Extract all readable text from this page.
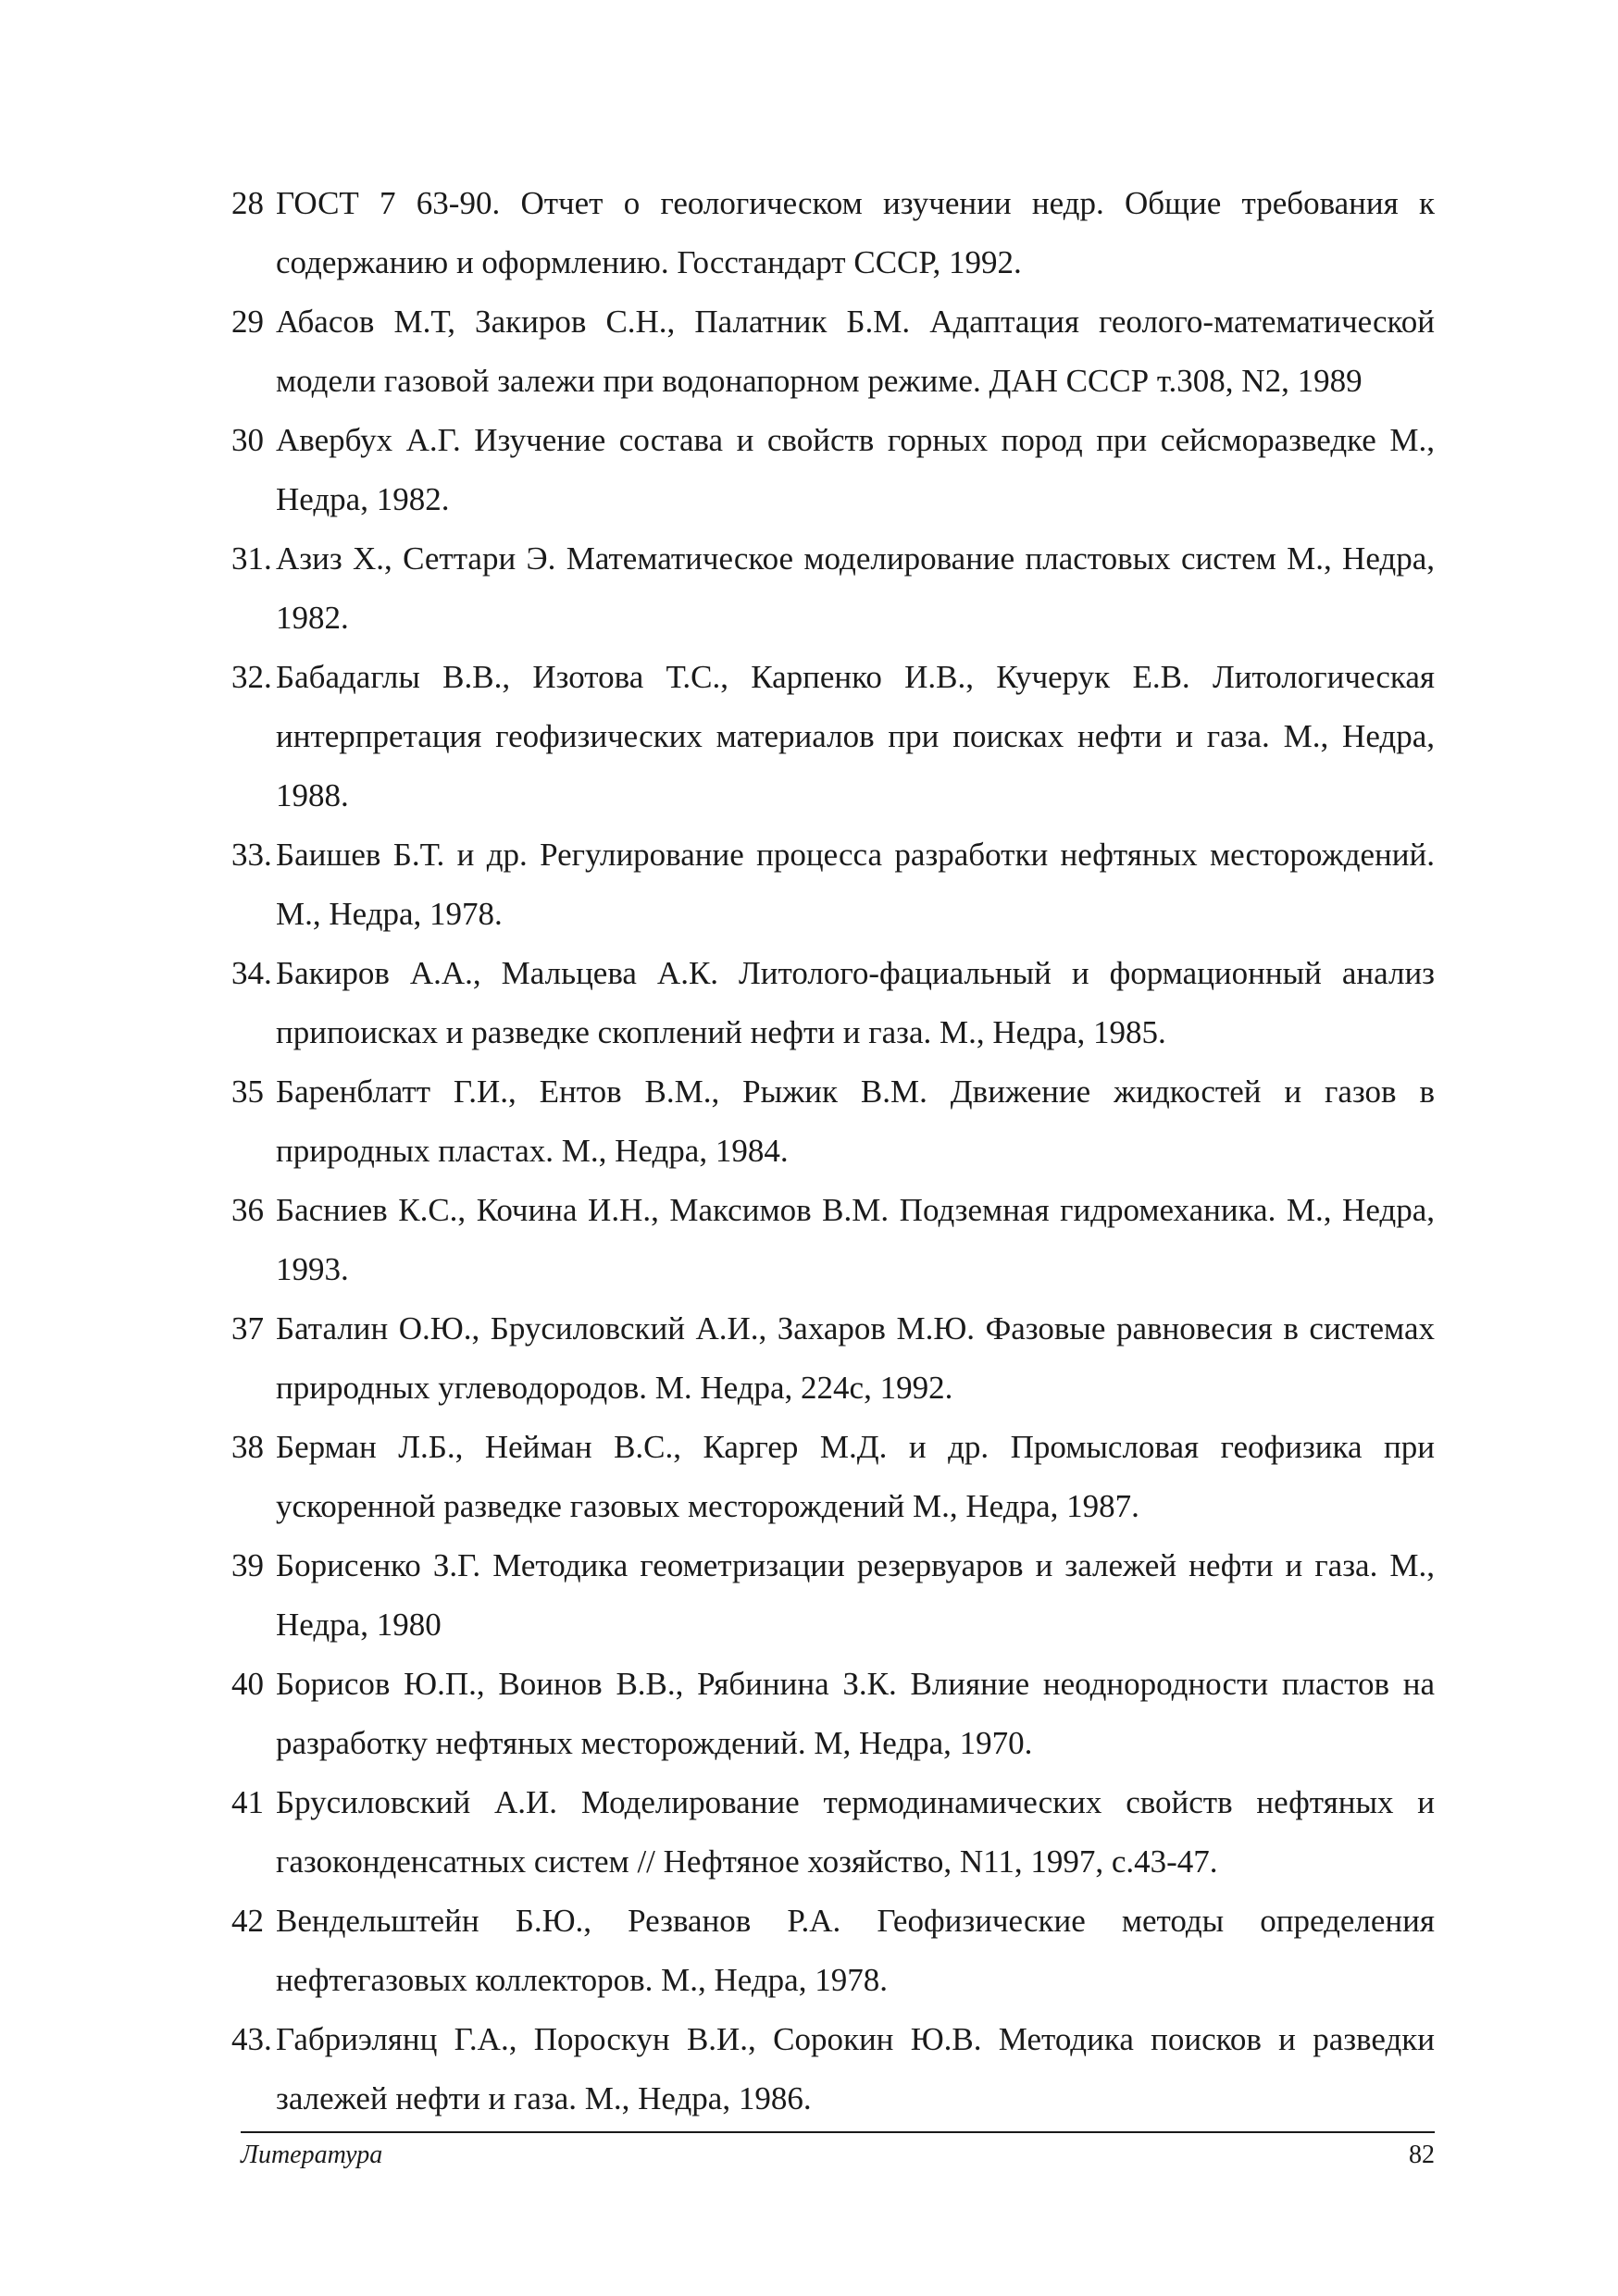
28 ГОСТ 7 63-90. Отчет о геологическом изучении недр. Общие требования к содержанию и оформлению. Госстандарт СССР, 1992.
29 Абасов М.Т, Закиров С.Н., Палатник Б.М. Адаптация геолого-математической модели газовой залежи при водонапорном режиме. ДАН СССР т.308, N2, 1989
30 Авербух А.Г. Изучение состава и свойств горных пород при сейсморазведке М., Недра, 1982.
31. Азиз Х., Сеттари Э. Математическое моделирование пластовых систем М., Недра, 1982.
32. Бабадаглы В.В., Изотова Т.С., Карпенко И.В., Кучерук Е.В. Литологическая интерпретация геофизических материалов при поисках нефти и газа. М., Недра, 1988.
33. Баишев Б.Т. и др. Регулирование процесса разработки нефтяных месторождений. М., Недра, 1978.
34. Бакиров А.А., Мальцева А.К. Литолого-фациальный и формационный анализ припоисках и разведке скоплений нефти и газа. М., Недра, 1985.
35 Баренблатт Г.И., Ентов В.М., Рыжик В.М. Движение жидкостей и газов в природных пластах. М., Недра, 1984.
36 Басниев К.С., Кочина И.Н., Максимов В.М. Подземная гидромеханика. М., Недра, 1993.
37 Баталин О.Ю., Брусиловский А.И., Захаров М.Ю. Фазовые равновесия в системах природных углеводородов. М. Недра, 224с, 1992.
38 Берман Л.Б., Нейман В.С., Каргер М.Д. и др. Промысловая геофизика при ускоренной разведке газовых месторождений М., Недра, 1987.
39 Борисенко З.Г. Методика геометризации резервуаров и залежей нефти и газа. М., Недра, 1980
40 Борисов Ю.П., Воинов В.В., Рябинина З.К. Влияние неоднородности пластов на разработку нефтяных месторождений. М, Недра, 1970.
41 Брусиловский А.И. Моделирование термодинамических свойств нефтяных и газоконденсатных систем // Нефтяное хозяйство, N11, 1997, с.43-47.
42 Вендельштейн Б.Ю., Резванов Р.А. Геофизические методы определения нефтегазовых коллекторов. М., Недра, 1978.
43. Габриэлянц Г.А., Пороскун В.И., Сорокин Ю.В. Методика поисков и разведки залежей нефти и газа. М., Недра, 1986.
Литература	82
